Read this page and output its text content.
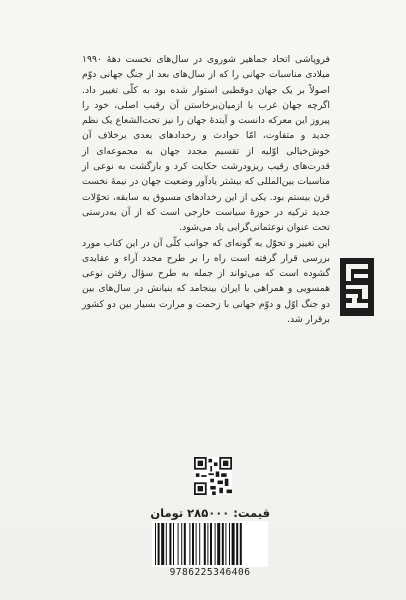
فروپاشی اتحاد جماهیر شوروی در سال‌های نخست دههٔ ۱۹۹۰ میلادی مناسبات جهانی را که از سال‌های بعد از جنگ جهانی دوّم اصولاً بر یک جهان دوقطبی استوار شده بود به کلّی تغییر داد. اگرچه جهان غرب با ازمیان‌برخاستن آن رقیب اصلی، خود را پیروز این معرکه دانست و آیندهٔ جهان را نیز تحت‌الشعاع یک نظم جدید و متفاوت، امّا حوادث و رخدادهای بعدی برخلاف آن خوش‌خیالی اوّلیه از تقسیم مجدد جهان به مجموعه‌ای از قدرت‌های رقیب ریزودرشت حکایت کرد و بازگشت به نوعی از مناسبات بین‌المللی که بیشتر یادآور وضعیت جهان در نیمهٔ نخست قرن بیستم بود. یکی از این رخدادهای مسبوق به سابقه، تحوّلات جدید ترکیه در حوزهٔ سیاست خارجی است که از آن به‌درستی تحت عنوان نوعثمانی‌گرایی یاد می‌شود.

این تغییر و تحوّل به گونه‌ای که جوانب کلّی آن در این کتاب مورد بررسی قرار گرفته است راه را بر طرح مجدد آراء و عقایدی گشوده است که می‌تواند از جمله به طرح سؤال رفتن نوعی همسویی و همراهی با ایران بینجامد که بنیانش در سال‌های بین دو جنگ اوّل و دوّم جهانی با زحمت و مرارت بسیار بین دو کشور برقرار شد.

قیمت: ۲۸۵۰۰۰ تومان
9786225346406
